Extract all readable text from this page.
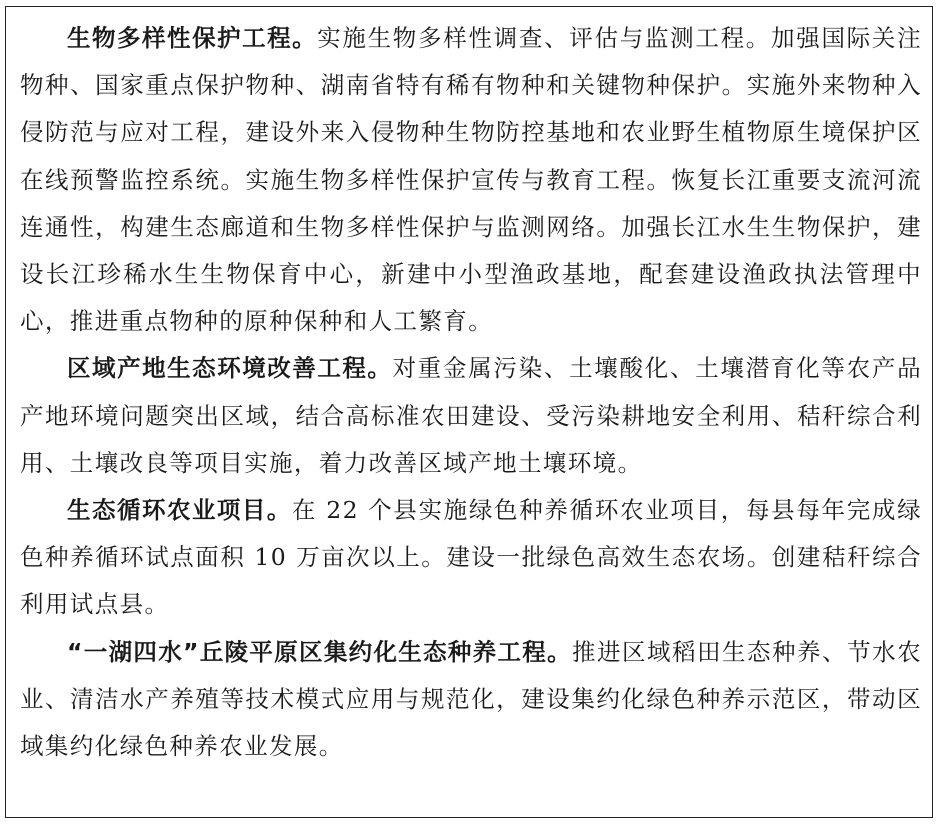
生物多样性保护工程。实施生物多样性调查、评估与监测工程。加强国际关注物种、国家重点保护物种、湖南省特有稀有物种和关键物种保护。实施外来物种入侵防范与应对工程，建设外来入侵物种生物防控基地和农业野生植物原生境保护区在线预警监控系统。实施生物多样性保护宣传与教育工程。恢复长江重要支流河流连通性，构建生态廊道和生物多样性保护与监测网络。加强长江水生生物保护，建设长江珍稀水生生物保育中心，新建中小型渔政基地，配套建设渔政执法管理中心，推进重点物种的原种保种和人工繁育。

区域产地生态环境改善工程。对重金属污染、土壤酸化、土壤潜育化等农产品产地环境问题突出区域，结合高标准农田建设、受污染耕地安全利用、秸秆综合利用、土壤改良等项目实施，着力改善区域产地土壤环境。

生态循环农业项目。在 22 个县实施绿色种养循环农业项目，每县每年完成绿色种养循环试点面积 10 万亩次以上。建设一批绿色高效生态农场。创建秸秆综合利用试点县。

“一湖四水”丘陵平原区集约化生态种养工程。推进区域稻田生态种养、节水农业、清洁水产养殖等技术模式应用与规范化，建设集约化绿色种养示范区，带动区域集约化绿色种养农业发展。
